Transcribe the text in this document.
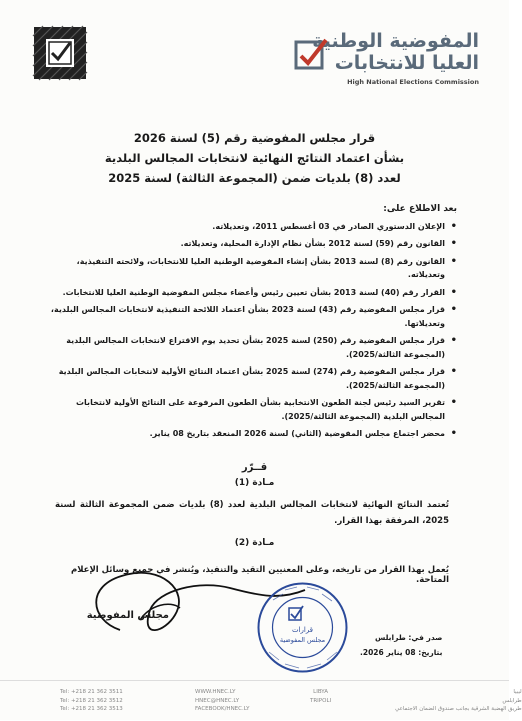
المفوضية الوطنية
العليا للانتخابات
High National Elections Commission
قرار مجلس المفوضية رقم (5) لسنة 2026
بشأن اعتماد النتائج النهائية لانتخابات المجالس البلدية
لعدد (8) بلديات ضمن (المجموعة الثالثة) لسنة 2025
بعد الاطلاع على:
• الإعلان الدستوري الصادر في 03 أغسطس 2011، وتعديلاته.
• القانون رقم (59) لسنة 2012 بشأن نظام الإدارة المحلية، وتعديلاته.
• القانون رقم (8) لسنة 2013 بشأن إنشاء المفوضية الوطنية العليا للانتخابات، ولائحته التنفيذية، وتعديلاته.
• القرار رقم (40) لسنة 2013 بشأن تعيين رئيس وأعضاء مجلس المفوضية الوطنية العليا للانتخابات.
• قرار مجلس المفوضية رقم (43) لسنة 2023 بشأن اعتماد اللائحة التنفيذية لانتخابات المجالس البلدية، وتعديلاتها.
• قرار مجلس المفوضية رقم (250) لسنة 2025 بشأن تحديد يوم الاقتراع لانتخابات المجالس البلدية (المجموعة الثالثة/2025).
• قرار مجلس المفوضية رقم (274) لسنة 2025 بشأن اعتماد النتائج الأولية لانتخابات المجالس البلدية (المجموعة الثالثة/2025).
• تقرير السيد رئيس لجنة الطعون الانتخابية بشأن الطعون المرفوعة على النتائج الأولية لانتخابات المجالس البلدية (المجموعة الثالثة/2025).
• محضر اجتماع مجلس المفوضية (الثاني) لسنة 2026 المنعقد بتاريخ 08 يناير.
قــرّر
مـادة (1)
تُعتمد النتائج النهائية لانتخابات المجالس البلدية لعدد (8) بلديات ضمن المجموعة الثالثة لسنة 2025، المرفقة بهذا القرار.
مـادة (2)
يُعمل بهذا القرار من تاريخه، وعلى المعنيين التقيد والتنفيذ، ويُنشر في جميع وسائل الإعلام المتاحة.
مجلس المفوضية
قرارات
مجلس المفوضية	صدر في: طرابلس
بتاريخ: 08 يناير 2026.
Tel: +218 21 362 3511
Tel: +218 21 362 3512
Tel: +218 21 362 3513
WWW.HNEC.LY
HNEC@HNEC.LY
FACEBOOK/HNEC.LY
LIBYA
TRIPOLI
ليبيا
طرابلس
طريق الهضبة الشرقية بجانب صندوق الضمان الاجتماعي
